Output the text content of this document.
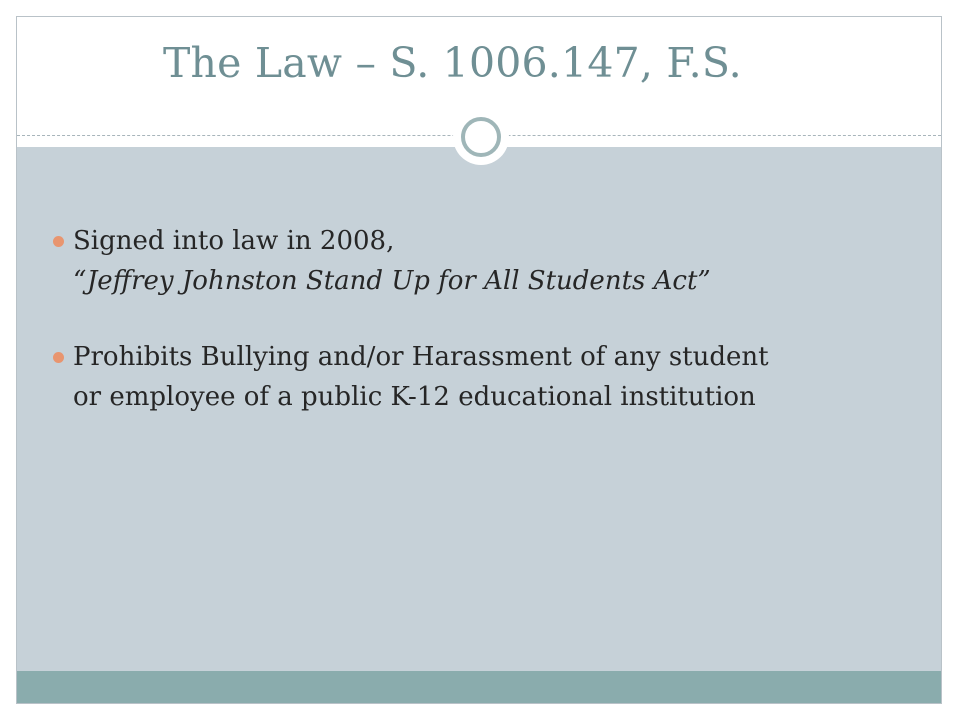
The Law – S. 1006.147, F.S.
Signed into law in 2008,
“Jeffrey Johnston Stand Up for All Students Act”
Prohibits Bullying and/or Harassment of any student
or employee of a public K-12 educational institution
